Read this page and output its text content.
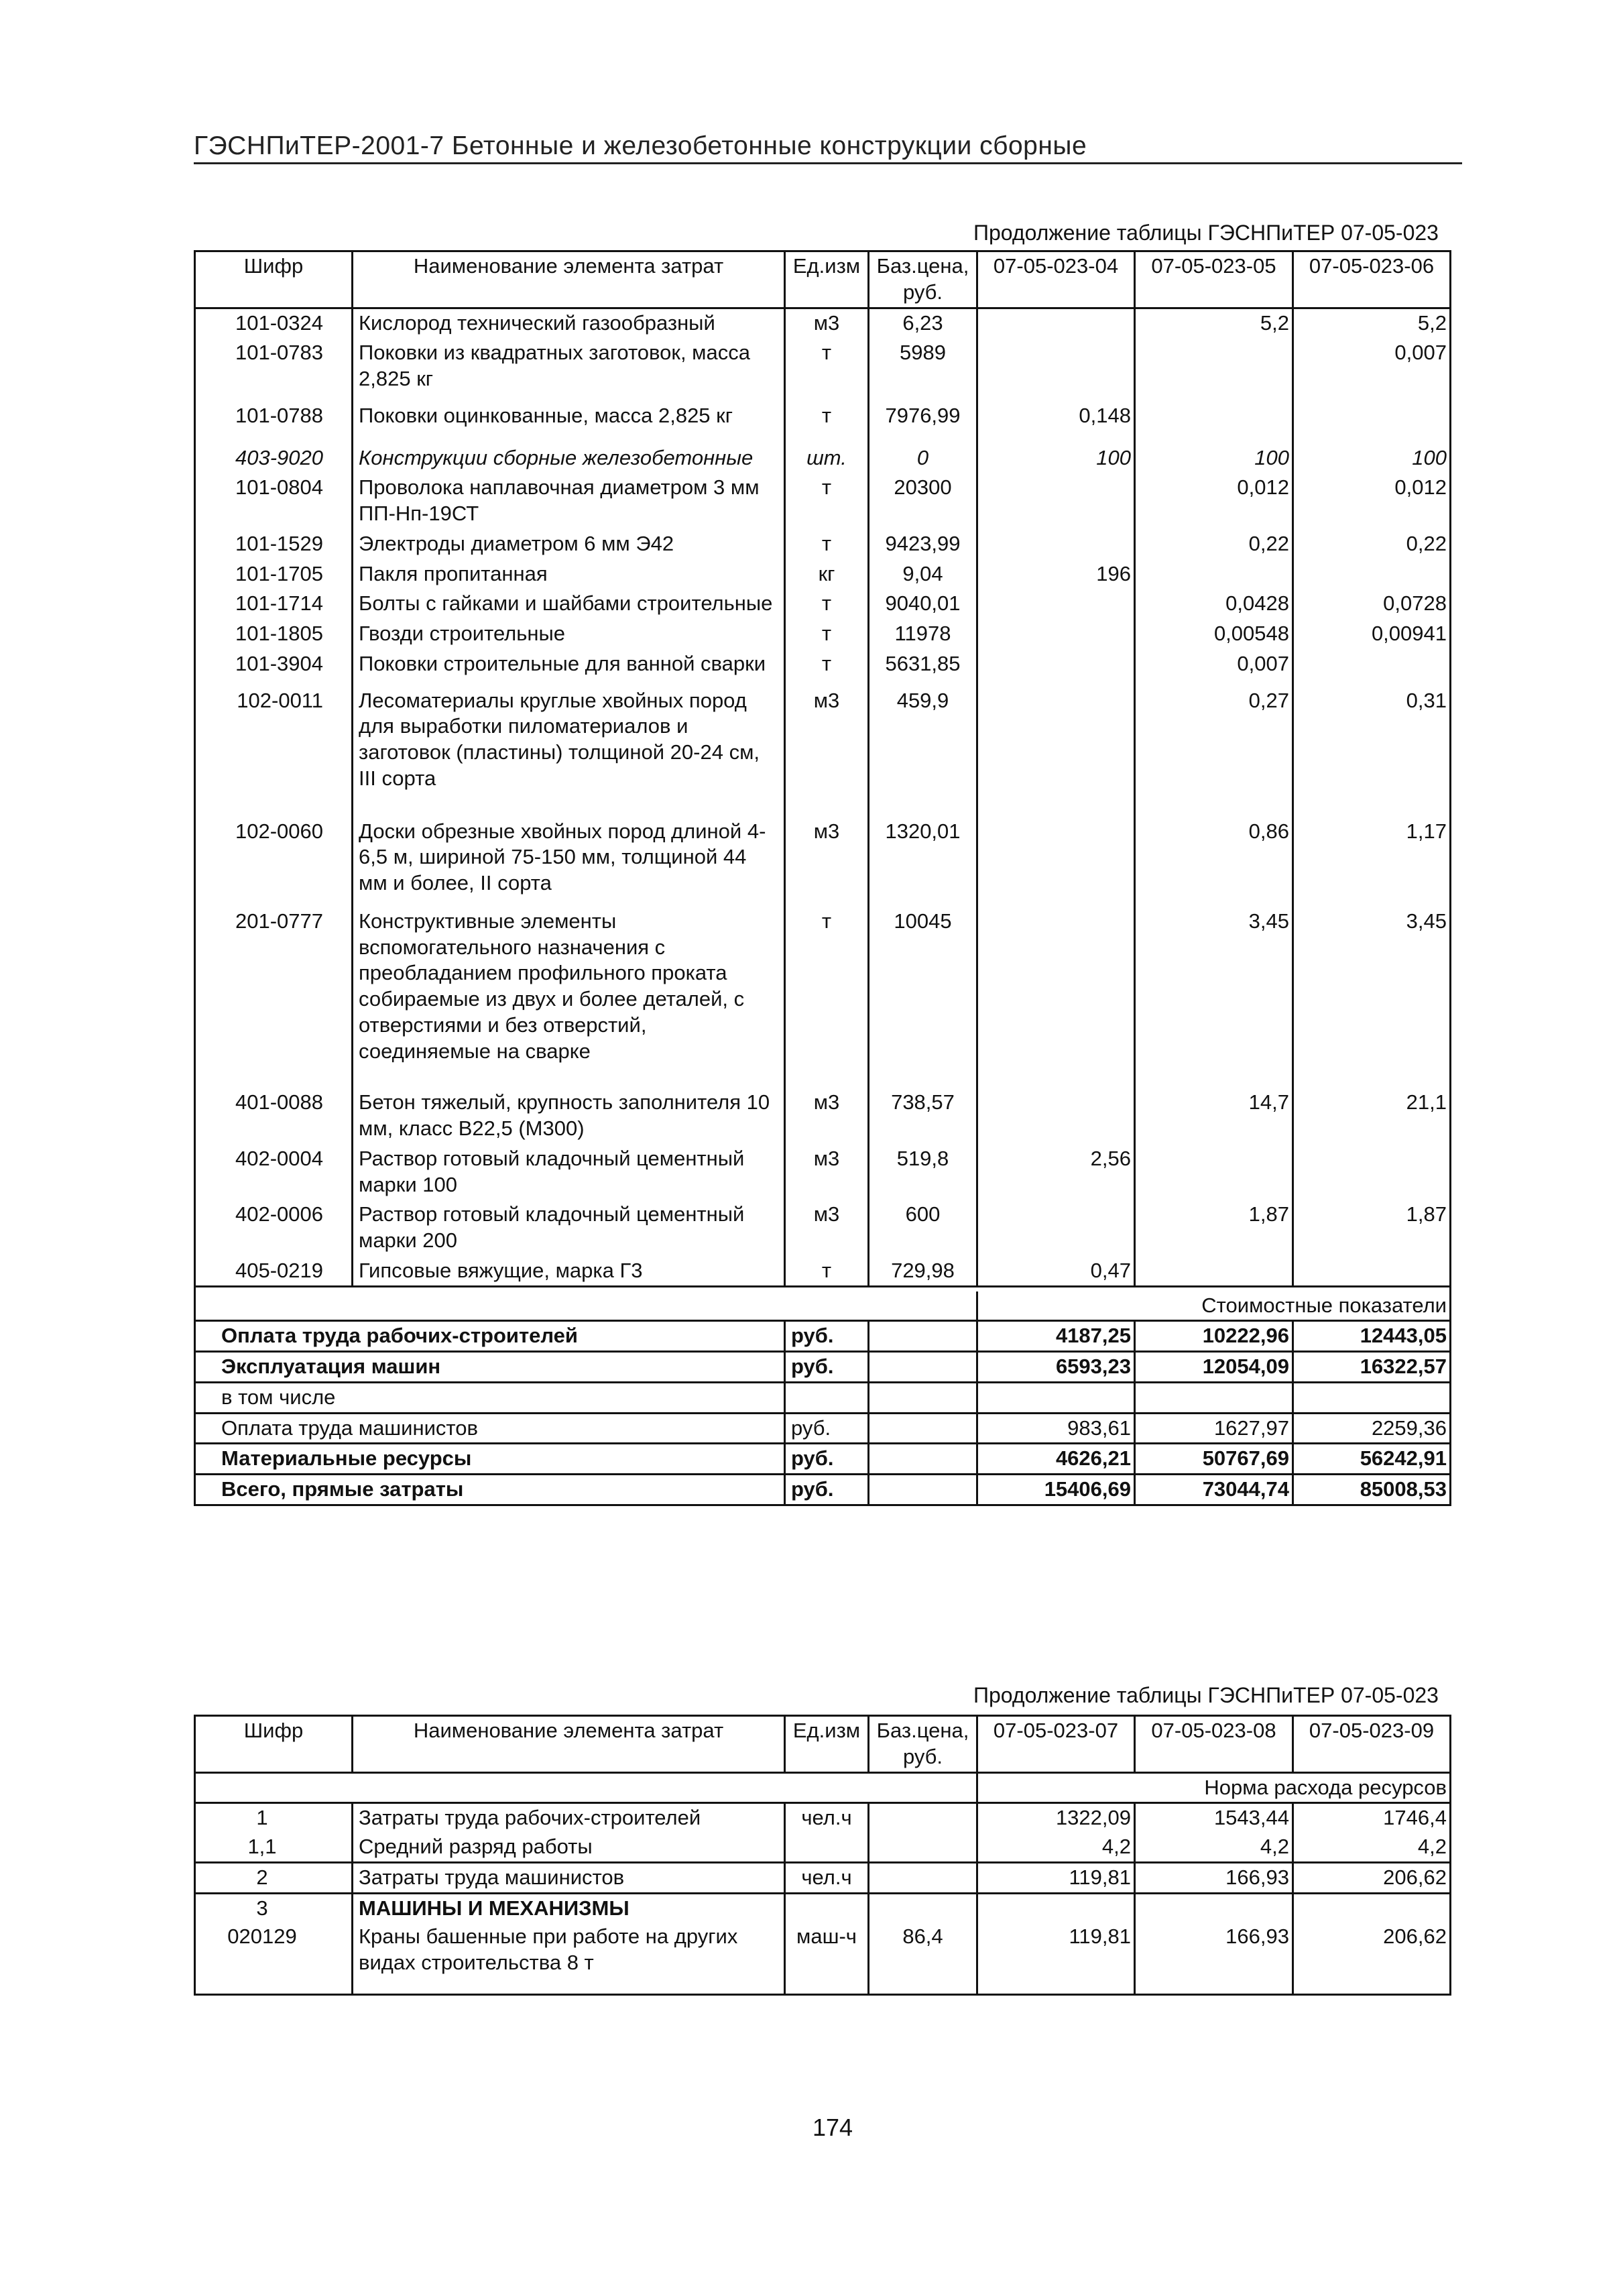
ГЭСНПиТЕР-2001-7 Бетонные и железобетонные конструкции сборные
Продолжение таблицы ГЭСНПиТЕР 07-05-023
Шифр	Наименование элемента затрат	Ед.изм	Баз.цена, руб.	07-05-023-04	07-05-023-05	07-05-023-06
101-0324	Кислород технический газообразный	м3	6,23		5,2	5,2
101-0783	Поковки из квадратных заготовок, масса 2,825 кг	т	5989			0,007
101-0788	Поковки оцинкованные, масса 2,825 кг	т	7976,99	0,148		
403-9020	Конструкции сборные железобетонные	шт.	0	100	100	100
101-0804	Проволока наплавочная диаметром 3 мм ПП-Нп-19СТ	т	20300		0,012	0,012
101-1529	Электроды диаметром 6 мм Э42	т	9423,99		0,22	0,22
101-1705	Пакля пропитанная	кг	9,04	196		
101-1714	Болты с гайками и шайбами строительные	т	9040,01		0,0428	0,0728
101-1805	Гвозди строительные	т	11978		0,00548	0,00941
101-3904	Поковки строительные для ванной сварки	т	5631,85		0,007	
102-0011	Лесоматериалы круглые хвойных пород для выработки пиломатериалов и заготовок (пластины) толщиной 20-24 см, III сорта	м3	459,9		0,27	0,31
102-0060	Доски обрезные хвойных пород длиной 4-6,5 м, шириной 75-150 мм, толщиной 44 мм и более, II сорта	м3	1320,01		0,86	1,17
201-0777	Конструктивные элементы вспомогательного назначения с преобладанием профильного проката собираемые из двух и более деталей, с отверстиями и без отверстий, соединяемые на сварке	т	10045		3,45	3,45
401-0088	Бетон тяжелый, крупность заполнителя 10 мм, класс В22,5 (М300)	м3	738,57		14,7	21,1
402-0004	Раствор готовый кладочный цементный марки 100	м3	519,8	2,56		
402-0006	Раствор готовый кладочный цементный марки 200	м3	600		1,87	1,87
405-0219	Гипсовые вяжущие, марка Г3	т	729,98	0,47		

				Стоимостные показатели		
Оплата труда рабочих-строителей		руб.		4187,25	10222,96	12443,05
Эксплуатация машин		руб.		6593,23	12054,09	16322,57
в том числе						
Оплата труда машинистов		руб.		983,61	1627,97	2259,36
Материальные ресурсы		руб.		4626,21	50767,69	56242,91
Всего, прямые затраты		руб.		15406,69	73044,74	85008,53
Продолжение таблицы ГЭСНПиТЕР 07-05-023
Шифр	Наименование элемента затрат	Ед.изм	Баз.цена, руб.	07-05-023-07	07-05-023-08	07-05-023-09
				Норма расхода ресурсов		
1	Затраты труда рабочих-строителей	чел.ч		1322,09	1543,44	1746,4
1,1	Средний разряд работы			4,2	4,2	4,2
2	Затраты труда машинистов	чел.ч		119,81	166,93	206,62
3	МАШИНЫ И МЕХАНИЗМЫ					
020129	Краны башенные при работе на других видах строительства 8 т	маш-ч	86,4	119,81	166,93	206,62
174
